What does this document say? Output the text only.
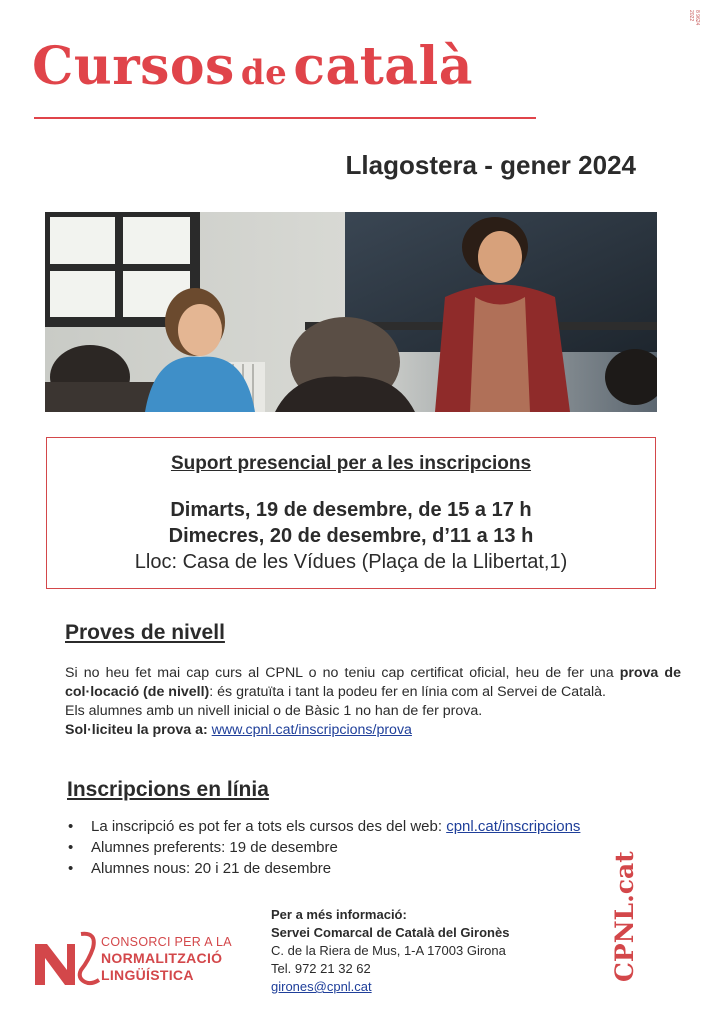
8 9624 2022
Cursos de català
Llagostera - gener 2024
Suport presencial per a les inscripcions
Dimarts, 19 de desembre, de 15 a 17 h
Dimecres, 20 de desembre, d’11 a 13 h
Lloc: Casa de les Vídues (Plaça de la Llibertat,1)
Proves de nivell
Si no heu fet mai cap curs al CPNL o no teniu cap certificat oficial, heu de fer una prova de col·locació (de nivell): és gratuïta i tant la podeu fer en línia com al Servei de Català.
Els alumnes amb un nivell inicial o de Bàsic 1 no han de fer prova.
Sol·liciteu la prova a: www.cpnl.cat/inscripcions/prova
Inscripcions en línia
• La inscripció es pot fer a tots els cursos des del web: cpnl.cat/inscripcions
• Alumnes preferents: 19 de desembre
• Alumnes nous: 20 i 21 de desembre
CONSORCI PER A LA
NORMALITZACIÓ
LINGÜÍSTICA
Per a més informació:
Servei Comarcal de Català del Gironès
C. de la Riera de Mus, 1-A 17003 Girona
Tel. 972 21 32 62
girones@cpnl.cat
CPNL.cat
